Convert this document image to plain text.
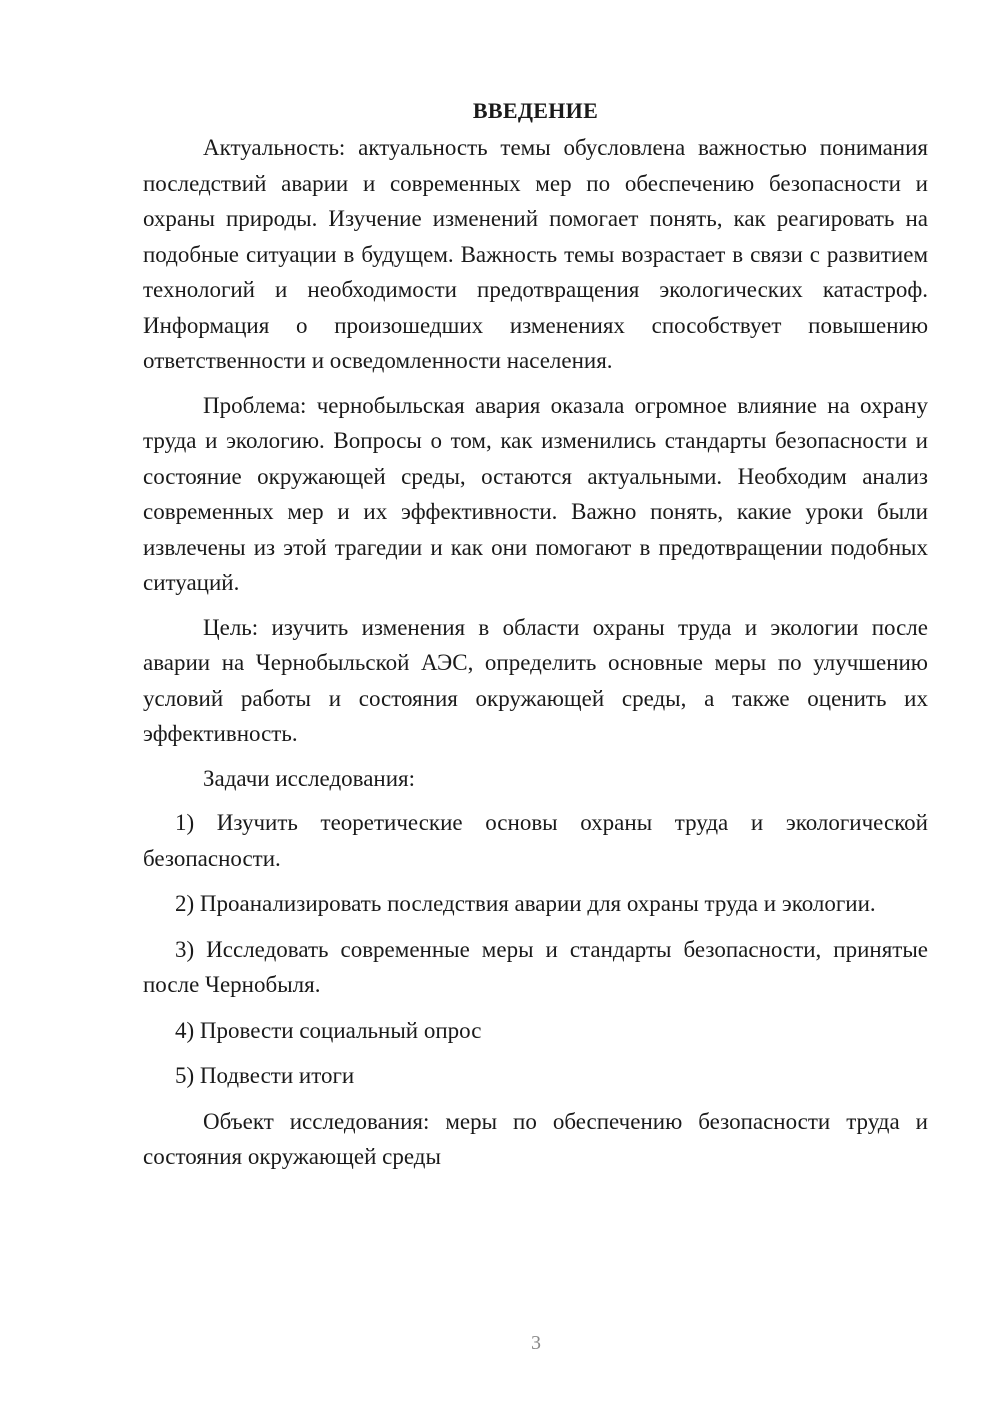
ВВЕДЕНИЕ

Актуальность: актуальность темы обусловлена важностью понимания последствий аварии и современных мер по обеспечению безопасности и охраны природы. Изучение изменений помогает понять, как реагировать на подобные ситуации в будущем. Важность темы возрастает в связи с развитием технологий и необходимости предотвращения экологических катастроф. Информация о произошедших изменениях способствует повышению ответственности и осведомленности населения.

Проблема: чернобыльская авария оказала огромное влияние на охрану труда и экологию. Вопросы о том, как изменились стандарты безопасности и состояние окружающей среды, остаются актуальными. Необходим анализ современных мер и их эффективности. Важно понять, какие уроки были извлечены из этой трагедии и как они помогают в предотвращении подобных ситуаций.

Цель: изучить изменения в области охраны труда и экологии после аварии на Чернобыльской АЭС, определить основные меры по улучшению условий работы и состояния окружающей среды, а также оценить их эффективность.

Задачи исследования:

1) Изучить теоретические основы охраны труда и экологической безопасности.
2) Проанализировать последствия аварии для охраны труда и экологии.
3) Исследовать современные меры и стандарты безопасности, принятые после Чернобыля.
4) Провести социальный опрос
5) Подвести итоги

Объект исследования: меры по обеспечению безопасности труда и состояния окружающей среды

3
